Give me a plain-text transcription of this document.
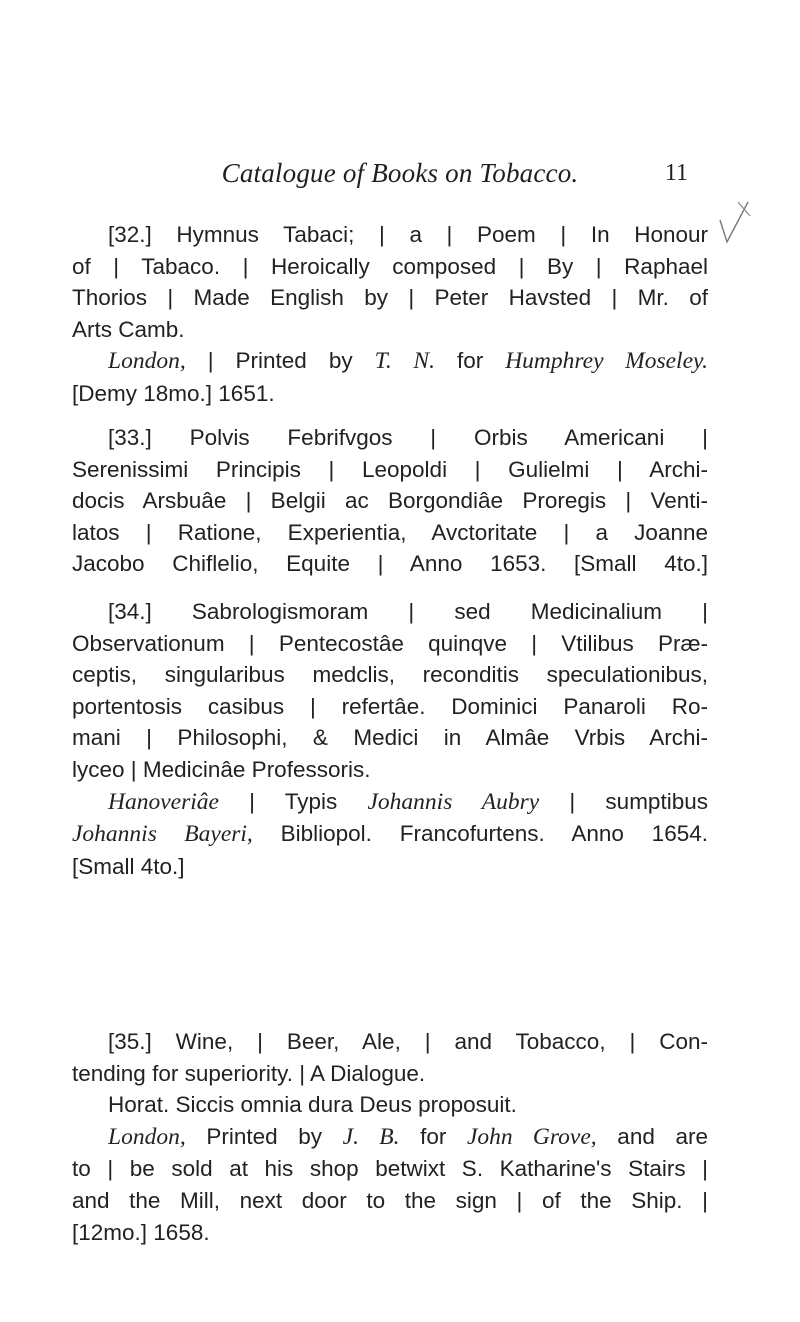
Catalogue of Books on Tobacco.	11
[32.] Hymnus Tabaci; | a | Poem | In Honour
of | Tabaco. | Heroically composed | By | Raphael
Thorios | Made English by | Peter Havsted | Mr. of
Arts Camb.
London, | Printed by T. N. for Humphrey Moseley.
[Demy 18mo.] 1651.
[33.] Polvis Febrifvgos | Orbis Americani |
Serenissimi Principis | Leopoldi | Gulielmi | Archi-
docis Arsbuâe | Belgii ac Borgondiâe Proregis | Venti-
latos | Ratione, Experientia, Avctoritate | a Joanne
Jacobo Chiflelio, Equite | Anno 1653. [Small 4to.]
[34.] Sabrologismoram | sed Medicinalium |
Observationum | Pentecostâe quinqve | Vtilibus Præ-
ceptis, singularibus medclis, reconditis speculationibus,
portentosis casibus | refertâe. Dominici Panaroli Ro-
mani | Philosophi, & Medici in Almâe Vrbis Archi-
lyceo | Medicinâe Professoris.
Hanoveriâe | Typis Johannis Aubry | sumptibus
Johannis Bayeri, Bibliopol. Francofurtens. Anno 1654.
[Small 4to.]
[35.] Wine, | Beer, Ale, | and Tobacco, | Con-
tending for superiority. | A Dialogue.
Horat. Siccis omnia dura Deus proposuit.
London, Printed by J. B. for John Grove, and are
to | be sold at his shop betwixt S. Katharine's Stairs |
and the Mill, next door to the sign | of the Ship. |
[12mo.] 1658.
